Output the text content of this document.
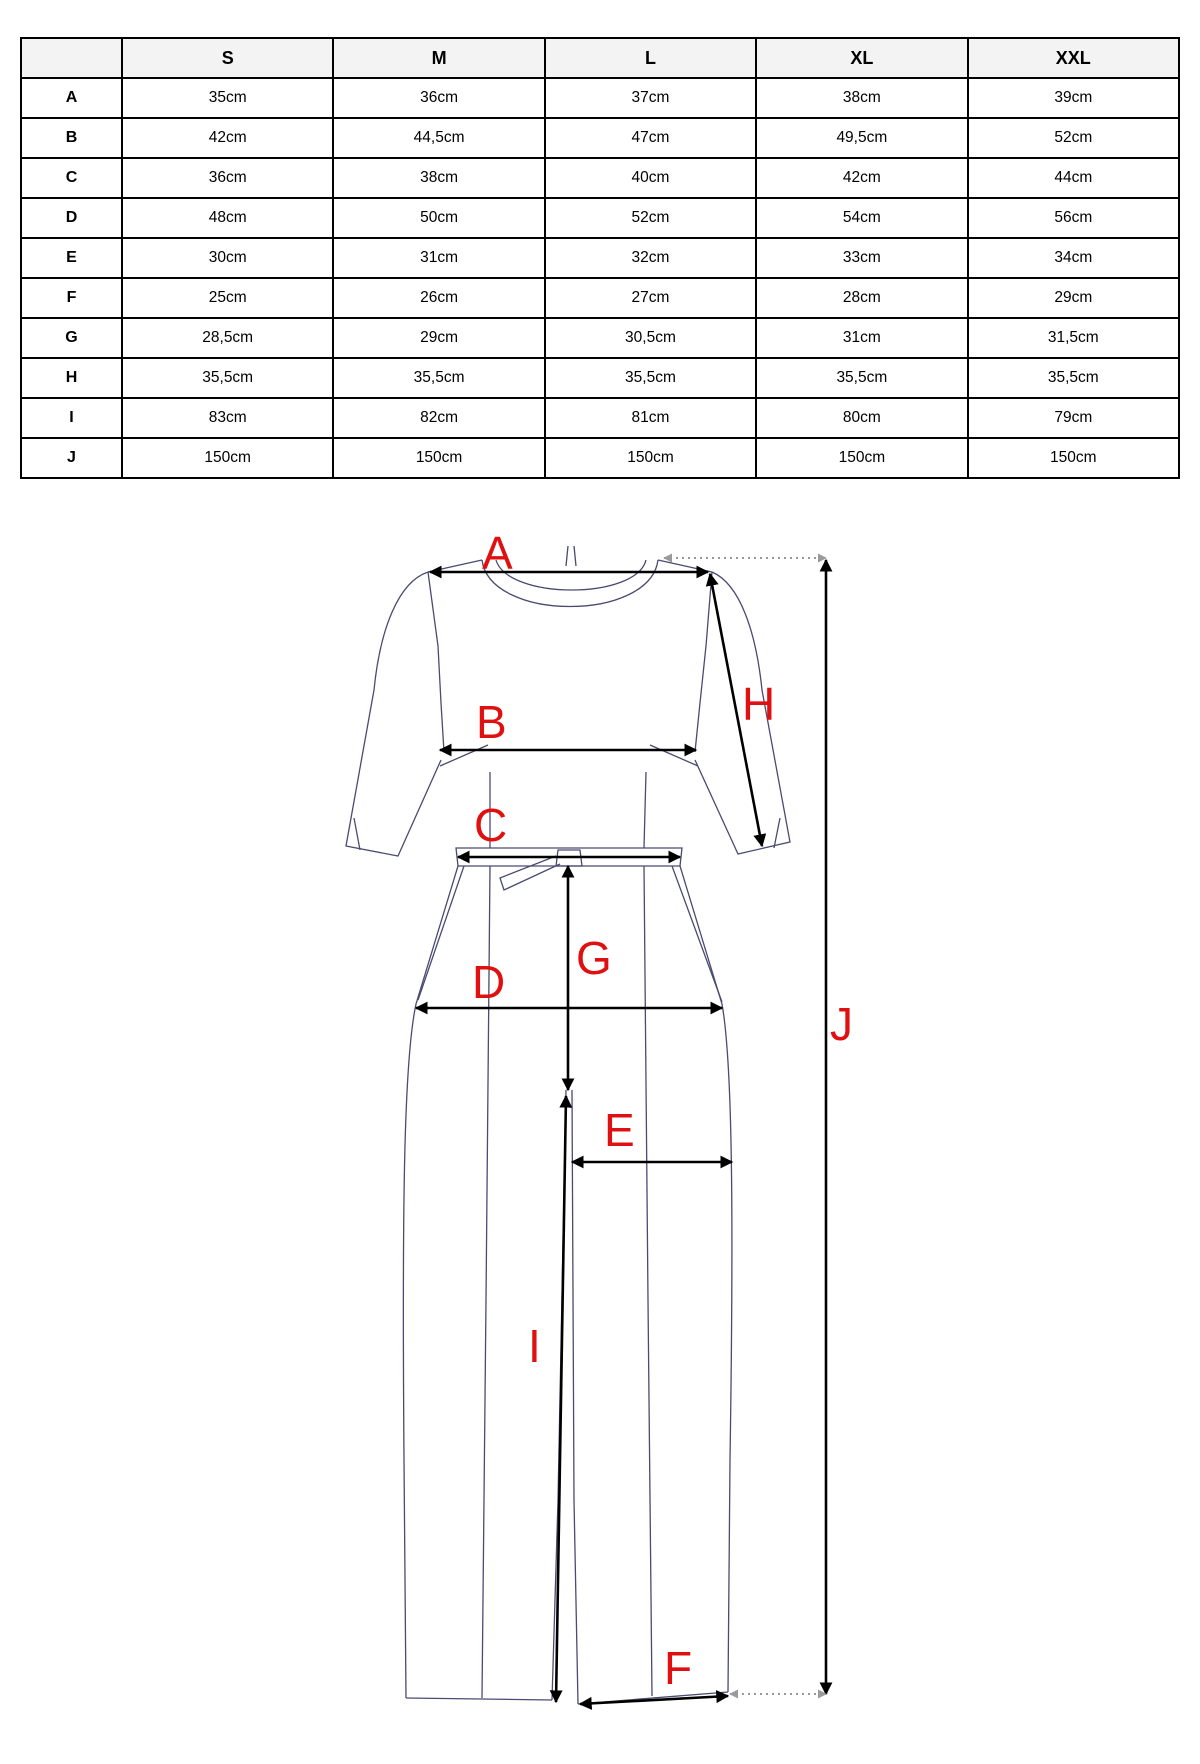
	S	M	L	XL	XXL
A	35cm	36cm	37cm	38cm	39cm
B	42cm	44,5cm	47cm	49,5cm	52cm
C	36cm	38cm	40cm	42cm	44cm
D	48cm	50cm	52cm	54cm	56cm
E	30cm	31cm	32cm	33cm	34cm
F	25cm	26cm	27cm	28cm	29cm
G	28,5cm	29cm	30,5cm	31cm	31,5cm
H	35,5cm	35,5cm	35,5cm	35,5cm	35,5cm
I	83cm	82cm	81cm	80cm	79cm
J	150cm	150cm	150cm	150cm	150cm
A
B
C
D
E
F
G
H
I
J
